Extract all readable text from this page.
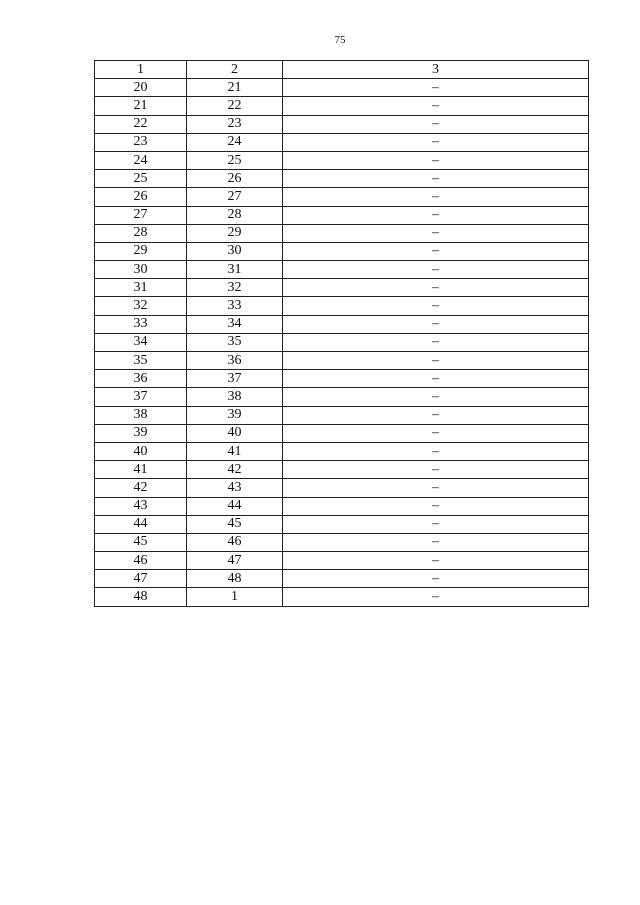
75
1	2	3
20	21	–
21	22	–
22	23	–
23	24	–
24	25	–
25	26	–
26	27	–
27	28	–
28	29	–
29	30	–
30	31	–
31	32	–
32	33	–
33	34	–
34	35	–
35	36	–
36	37	–
37	38	–
38	39	–
39	40	–
40	41	–
41	42	–
42	43	–
43	44	–
44	45	–
45	46	–
46	47	–
47	48	–
48	1	–
